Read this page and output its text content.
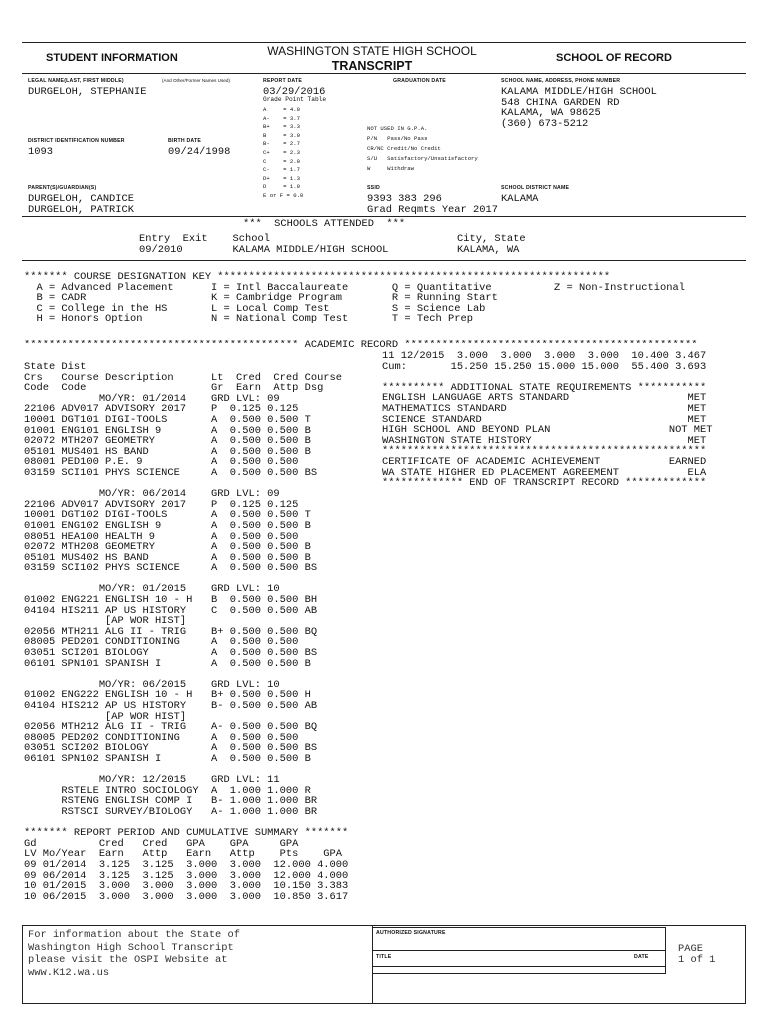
STUDENT INFORMATION	WASHINGTON STATE HIGH SCHOOL
TRANSCRIPT
SCHOOL OF RECORD
LEGAL NAME(LAST, FIRST MIDDLE)	(And Other/Former Names Used)
DURGELOH, STEPHANIE
DISTRICT IDENTIFICATION NUMBER	BIRTH DATE
1093	09/24/1998
PARENT(S)/GUARDIAN(S)
DURGELOH, CANDICE
DURGELOH, PATRICK
REPORT DATE
03/29/2016
GRADUATION DATE
Grade Point Table
A     = 4.0
A-    = 3.7
B+    = 3.3
B     = 3.0
B-    = 2.7
C+    = 2.3
C     = 2.0
C-    = 1.7
D+    = 1.3
D     = 1.0
E or F = 0.0
NOT USED IN G.P.A.
P/N   Pass/No Pass
CR/NC Credit/No Credit
S/U   Satisfactory/Unsatisfactory
W     Withdraw
SSID
9393 383 296
Grad Reqmts Year 2017
SCHOOL NAME, ADDRESS, PHONE NUMBER
KALAMA MIDDLE/HIGH SCHOOL
548 CHINA GARDEN RD
KALAMA, WA 98625
(360) 673-5212
SCHOOL DISTRICT NAME
KALAMA
***  SCHOOLS ATTENDED  ***
Entry  Exit    School                              City, State
09/2010        KALAMA MIDDLE/HIGH SCHOOL           KALAMA, WA
******* COURSE DESIGNATION KEY ***************************************************************
A = Advanced Placement      I = Intl Baccalaureate       Q = Quantitative          Z = Non-Instructional
B = CADR                    K = Cambridge Program        R = Running Start
C = College in the HS       L = Local Comp Test          S = Science Lab
H = Honors Option           N = National Comp Test       T = Tech Prep
******************************************** ACADEMIC RECORD ***********************************************
State Dist
Crs   Course Description      Lt  Cred  Cred Course
Code  Code                    Gr  Earn  Attp Dsg
MO/YR: 01/2014    GRD LVL: 09
22106 ADV017 ADVISORY 2017    P  0.125 0.125
10001 DGT101 DIGI-TOOLS       A  0.500 0.500 T
01001 ENG101 ENGLISH 9        A  0.500 0.500 B
02072 MTH207 GEOMETRY         A  0.500 0.500 B
05101 MUS401 HS BAND          A  0.500 0.500 B
08001 PED100 P.E. 9           A  0.500 0.500
03159 SCI101 PHYS SCIENCE     A  0.500 0.500 BS
MO/YR: 06/2014    GRD LVL: 09
22106 ADV017 ADVISORY 2017    P  0.125 0.125
10001 DGT102 DIGI-TOOLS       A  0.500 0.500 T
01001 ENG102 ENGLISH 9        A  0.500 0.500 B
08051 HEA100 HEALTH 9         A  0.500 0.500
02072 MTH208 GEOMETRY         A  0.500 0.500 B
05101 MUS402 HS BAND          A  0.500 0.500 B
03159 SCI102 PHYS SCIENCE     A  0.500 0.500 BS
MO/YR: 01/2015    GRD LVL: 10
01002 ENG221 ENGLISH 10 - H   B  0.500 0.500 BH
04104 HIS211 AP US HISTORY    C  0.500 0.500 AB
[AP WOR HIST]
02056 MTH211 ALG II - TRIG    B+ 0.500 0.500 BQ
08005 PED201 CONDITIONING     A  0.500 0.500
03051 SCI201 BIOLOGY          A  0.500 0.500 BS
06101 SPN101 SPANISH I        A  0.500 0.500 B
MO/YR: 06/2015    GRD LVL: 10
01002 ENG222 ENGLISH 10 - H   B+ 0.500 0.500 H
04104 HIS212 AP US HISTORY    B- 0.500 0.500 AB
[AP WOR HIST]
02056 MTH212 ALG II - TRIG    A- 0.500 0.500 BQ
08005 PED202 CONDITIONING     A  0.500 0.500
03051 SCI202 BIOLOGY          A  0.500 0.500 BS
06101 SPN102 SPANISH I        A  0.500 0.500 B
MO/YR: 12/2015    GRD LVL: 11
RSTELE INTRO SOCIOLOGY  A  1.000 1.000 R
RSTENG ENGLISH COMP I   B- 1.000 1.000 BR
RSTSCI SURVEY/BIOLOGY   A- 1.000 1.000 BR
******* REPORT PERIOD AND CUMULATIVE SUMMARY *******
Gd          Cred   Cred   GPA    GPA     GPA
LV Mo/Year  Earn   Attp   Earn   Attp    Pts    GPA
09 01/2014  3.125  3.125  3.000  3.000  12.000 4.000
09 06/2014  3.125  3.125  3.000  3.000  12.000 4.000
10 01/2015  3.000  3.000  3.000  3.000  10.150 3.383
10 06/2015  3.000  3.000  3.000  3.000  10.850 3.617
11 12/2015  3.000  3.000  3.000  3.000  10.400 3.467
Cum:       15.250 15.250 15.000 15.000  55.400 3.693
********** ADDITIONAL STATE REQUIREMENTS ***********
ENGLISH LANGUAGE ARTS STANDARD                   MET
MATHEMATICS STANDARD                             MET
SCIENCE STANDARD                                 MET
HIGH SCHOOL AND BEYOND PLAN                   NOT MET
WASHINGTON STATE HISTORY                         MET
****************************************************
CERTIFICATE OF ACADEMIC ACHIEVEMENT           EARNED
WA STATE HIGHER ED PLACEMENT AGREEMENT           ELA
************* END OF TRANSCRIPT RECORD *************
For information about the State of
Washington High School Transcript
please visit the OSPI Website at
www.K12.wa.us
AUTHORIZED SIGNATURE
TITLE	DATE
PAGE
1 of 1
